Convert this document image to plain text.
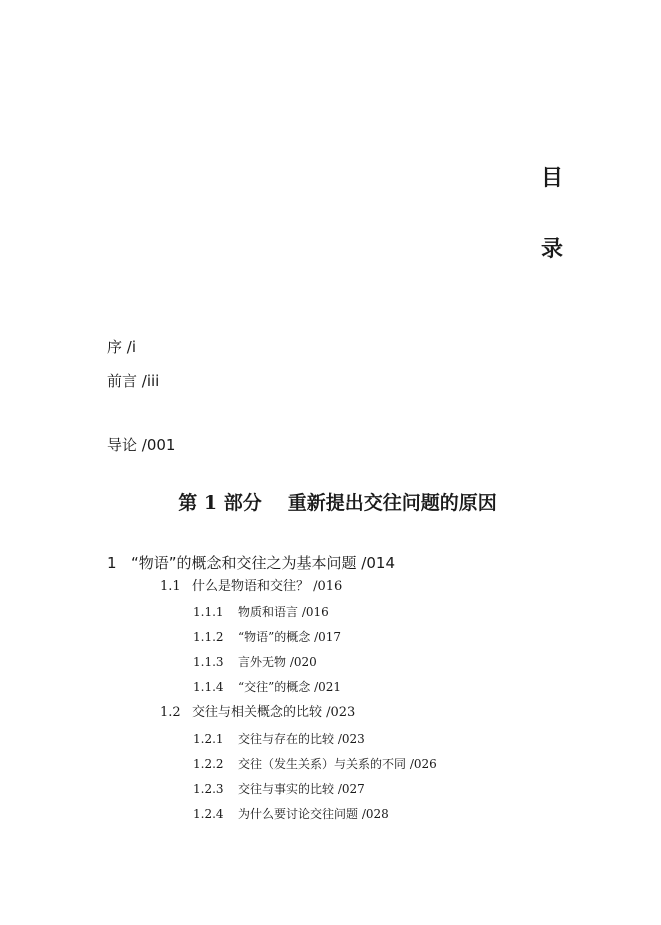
目
录
序 /i
前言 /iii
导论 /001
第 1 部分 重新提出交往问题的原因
1 “物语”的概念和交往之为基本问题 /014
1.1 什么是物语和交往？ /016
1.1.1 物质和语言 /016
1.1.2 “物语”的概念 /017
1.1.3 言外无物 /020
1.1.4 “交往”的概念 /021
1.2 交往与相关概念的比较 /023
1.2.1 交往与存在的比较 /023
1.2.2 交往（发生关系）与关系的不同 /026
1.2.3 交往与事实的比较 /027
1.2.4 为什么要讨论交往问题 /028
